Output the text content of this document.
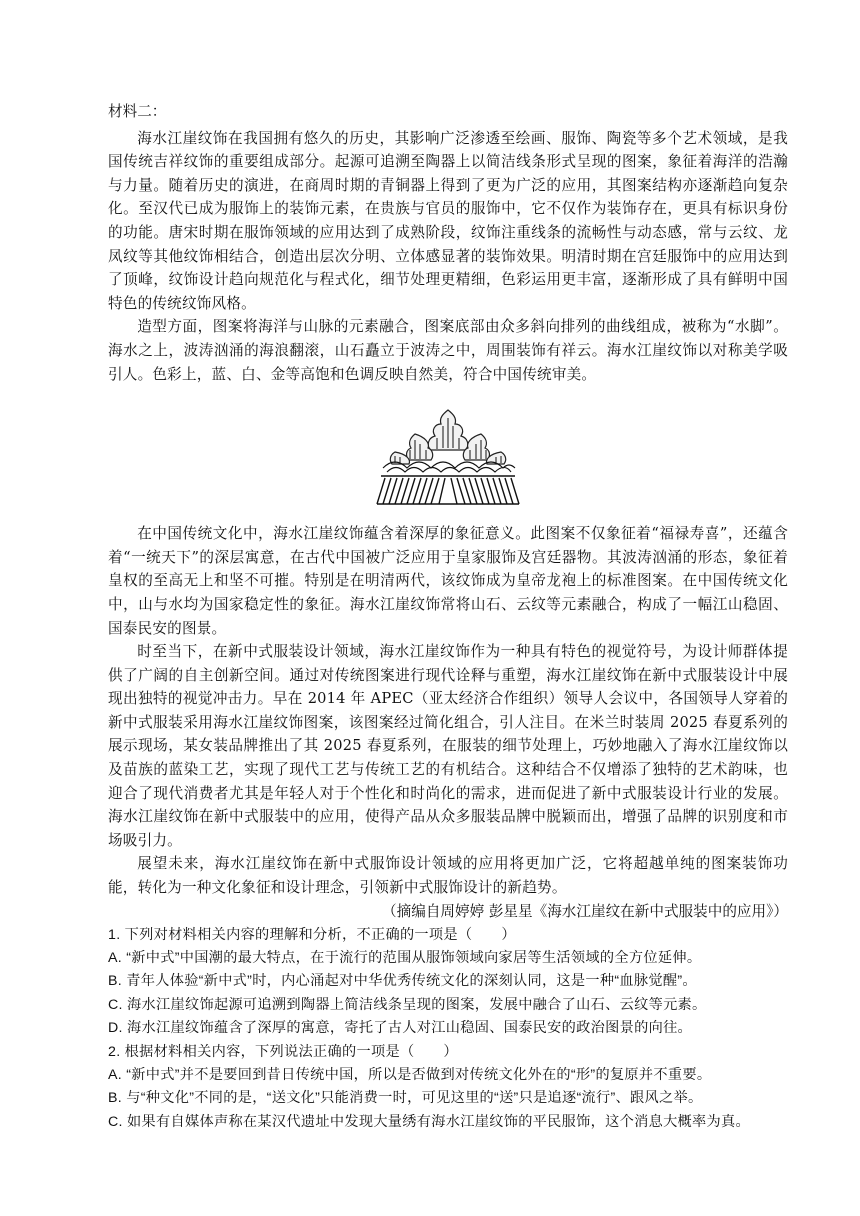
材料二：

海水江崖纹饰在我国拥有悠久的历史，其影响广泛渗透至绘画、服饰、陶瓷等多个艺术领域，是我国传统吉祥纹饰的重要组成部分。起源可追溯至陶器上以简洁线条形式呈现的图案，象征着海洋的浩瀚与力量。随着历史的演进，在商周时期的青铜器上得到了更为广泛的应用，其图案结构亦逐渐趋向复杂化。至汉代已成为服饰上的装饰元素，在贵族与官员的服饰中，它不仅作为装饰存在，更具有标识身份的功能。唐宋时期在服饰领域的应用达到了成熟阶段，纹饰注重线条的流畅性与动态感，常与云纹、龙凤纹等其他纹饰相结合，创造出层次分明、立体感显著的装饰效果。明清时期在宫廷服饰中的应用达到了顶峰，纹饰设计趋向规范化与程式化，细节处理更精细，色彩运用更丰富，逐渐形成了具有鲜明中国特色的传统纹饰风格。

造型方面，图案将海洋与山脉的元素融合，图案底部由众多斜向排列的曲线组成，被称为“水脚”。海水之上，波涛汹涌的海浪翻滚，山石矗立于波涛之中，周围装饰有祥云。海水江崖纹饰以对称美学吸引人。色彩上，蓝、白、金等高饱和色调反映自然美，符合中国传统审美。

在中国传统文化中，海水江崖纹饰蕴含着深厚的象征意义。此图案不仅象征着“福禄寿喜”，还蕴含着“一统天下”的深层寓意，在古代中国被广泛应用于皇家服饰及宫廷器物。其波涛汹涌的形态，象征着皇权的至高无上和坚不可摧。特别是在明清两代，该纹饰成为皇帝龙袍上的标准图案。在中国传统文化中，山与水均为国家稳定性的象征。海水江崖纹饰常将山石、云纹等元素融合，构成了一幅江山稳固、国泰民安的图景。

时至当下，在新中式服装设计领域，海水江崖纹饰作为一种具有特色的视觉符号，为设计师群体提供了广阔的自主创新空间。通过对传统图案进行现代诠释与重塑，海水江崖纹饰在新中式服装设计中展现出独特的视觉冲击力。早在 2014 年 APEC（亚太经济合作组织）领导人会议中，各国领导人穿着的新中式服装采用海水江崖纹饰图案，该图案经过简化组合，引人注目。在米兰时装周 2025 春夏系列的展示现场，某女装品牌推出了其 2025 春夏系列，在服装的细节处理上，巧妙地融入了海水江崖纹饰以及苗族的蓝染工艺，实现了现代工艺与传统工艺的有机结合。这种结合不仅增添了独特的艺术韵味，也迎合了现代消费者尤其是年轻人对于个性化和时尚化的需求，进而促进了新中式服装设计行业的发展。海水江崖纹饰在新中式服装中的应用，使得产品从众多服装品牌中脱颖而出，增强了品牌的识别度和市场吸引力。

展望未来，海水江崖纹饰在新中式服饰设计领域的应用将更加广泛，它将超越单纯的图案装饰功能，转化为一种文化象征和设计理念，引领新中式服饰设计的新趋势。

（摘编自周婷婷 彭星星《海水江崖纹在新中式服装中的应用》）

1. 下列对材料相关内容的理解和分析，不正确的一项是（　　）

A. “新中式”中国潮的最大特点，在于流行的范围从服饰领域向家居等生活领域的全方位延伸。

B. 青年人体验“新中式”时，内心涌起对中华优秀传统文化的深刻认同，这是一种“血脉觉醒”。

C. 海水江崖纹饰起源可追溯到陶器上简洁线条呈现的图案，发展中融合了山石、云纹等元素。

D. 海水江崖纹饰蕴含了深厚的寓意，寄托了古人对江山稳固、国泰民安的政治图景的向往。

2. 根据材料相关内容，下列说法正确的一项是（　　）

A. “新中式”并不是要回到昔日传统中国，所以是否做到对传统文化外在的“形”的复原并不重要。

B. 与“种文化”不同的是，“送文化”只能消费一时，可见这里的“送”只是追逐“流行”、跟风之举。

C. 如果有自媒体声称在某汉代遗址中发现大量绣有海水江崖纹饰的平民服饰，这个消息大概率为真。
